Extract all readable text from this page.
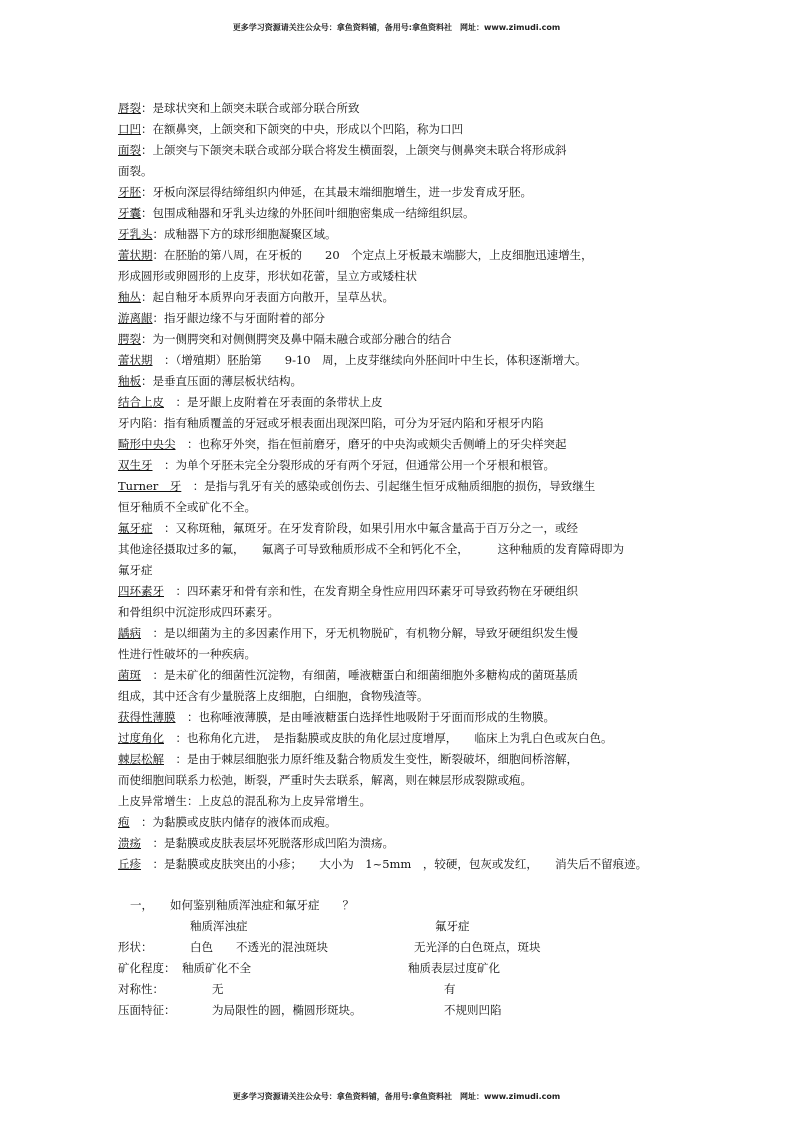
更多学习资源请关注公众号：拿鱼资料铺，备用号:拿鱼资料社　网址：www.zimudi.com
唇裂：是球状突和上颌突未联合或部分联合所致
口凹：在额鼻突，上颌突和下颌突的中央，形成以个凹陷，称为口凹
面裂：上颌突与下颌突未联合或部分联合将发生横面裂，上颌突与侧鼻突未联合将形成斜
面裂。
牙胚：牙板向深层得结缔组织内伸延，在其最末端细胞增生，进一步发育成牙胚。
牙囊：包围成釉器和牙乳头边缘的外胚间叶细胞密集成一结缔组织层。
牙乳头：成釉器下方的球形细胞凝聚区域。
蕾状期：在胚胎的第八周，在牙板的　　20　个定点上牙板最末端膨大，上皮细胞迅速增生，
形成圆形或卵圆形的上皮芽，形状如花蕾，呈立方或矮柱状
釉丛：起自釉牙本质界向牙表面方向散开，呈草丛状。
游离龈：指牙龈边缘不与牙面附着的部分
腭裂：为一侧腭突和对侧侧腭突及鼻中隔未融合或部分融合的结合
蕾状期　：（增殖期）胚胎第　　9-10　周，上皮芽继续向外胚间叶中生长，体积逐渐增大。
釉板：是垂直压面的薄层板状结构。
结合上皮　：是牙龈上皮附着在牙表面的条带状上皮
牙内陷：指有釉质覆盖的牙冠或牙根表面出现深凹陷，可分为牙冠内陷和牙根牙内陷
畸形中央尖　：也称牙外突，指在恒前磨牙，磨牙的中央沟或颊尖舌侧嵴上的牙尖样突起
双生牙　：为单个牙胚未完全分裂形成的牙有两个牙冠，但通常公用一个牙根和根管。
Turner　牙　：是指与乳牙有关的感染或创伤去、引起继生恒牙成釉质细胞的损伤，导致继生
恒牙釉质不全或矿化不全。
氟牙症　：又称斑釉，氟斑牙。在牙发育阶段，如果引用水中氟含量高于百万分之一，或经
其他途径摄取过多的氟，　　氟离子可导致釉质形成不全和钙化不全，　　　这种釉质的发育障碍即为
氟牙症
四环素牙　：四环素牙和骨有亲和性，在发育期全身性应用四环素牙可导致药物在牙硬组织
和骨组织中沉淀形成四环素牙。
龋病　：是以细菌为主的多因素作用下，牙无机物脱矿，有机物分解，导致牙硬组织发生慢
性进行性破坏的一种疾病。
菌斑　：是未矿化的细菌性沉淀物，有细菌，唾液糖蛋白和细菌细胞外多糖构成的菌斑基质
组成，其中还含有少量脱落上皮细胞，白细胞，食物残渣等。
获得性薄膜　：也称唾液薄膜，是由唾液糖蛋白选择性地吸附于牙面而形成的生物膜。
过度角化　：也称角化亢进，　是指黏膜或皮肤的角化层过度增厚，　　临床上为乳白色或灰白色。
棘层松解　：是由于棘层细胞张力原纤维及黏合物质发生变性，断裂破坏，细胞间桥溶解，
而使细胞间联系力松弛，断裂，严重时失去联系，解离，则在棘层形成裂隙或疱。
上皮异常增生：上皮总的混乱称为上皮异常增生。
疱　：为黏膜或皮肤内储存的液体而成疱。
溃疡　：是黏膜或皮肤表层坏死脱落形成凹陷为溃疡。
丘疹　：是黏膜或皮肤突出的小疹；　　大小为　1~5mm　，较硬，包灰或发红，　　消失后不留痕迹。
一， 如何鉴别釉质浑浊症和氟牙症　　？
釉质浑浊症	氟牙症
形状：	白色　　不透光的混浊斑块	无光泽的白色斑点，斑块
矿化程度： 釉质矿化不全	釉质表层过度矿化
对称性：	无	有
压面特征：	为局限性的圆，椭圆形斑块。	不规则凹陷
更多学习资源请关注公众号：拿鱼资料铺，备用号:拿鱼资料社　网址：www.zimudi.com
